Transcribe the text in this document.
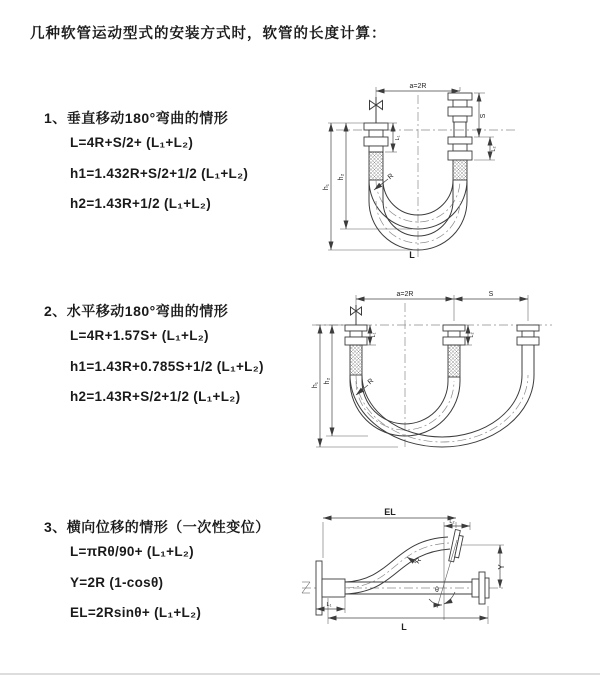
几种软管运动型式的安装方式时，软管的长度计算：
1、垂直移动180°弯曲的情形
L=4R+S/2+ (L₁+L₂)
h1=1.432R+S/2+1/2 (L₁+L₂)
h2=1.43R+1/2 (L₁+L₂)
2、水平移动180°弯曲的情形
L=4R+1.57S+ (L₁+L₂)
h1=1.43R+0.785S+1/2 (L₁+L₂)
h2=1.43R+S/2+1/2 (L₁+L₂)
3、横向位移的情形（一次性变位）
L=πRθ/90+ (L₁+L₂)
Y=2R (1-cosθ)
EL=2Rsinθ+ (L₁+L₂)
a=2R
R
h₁
h₂
L₁
S
L₂
L
a=2R	S
R
h₁
h₂
L₁	L₂
EL
L₂
Y
θ
R
L
L₁
